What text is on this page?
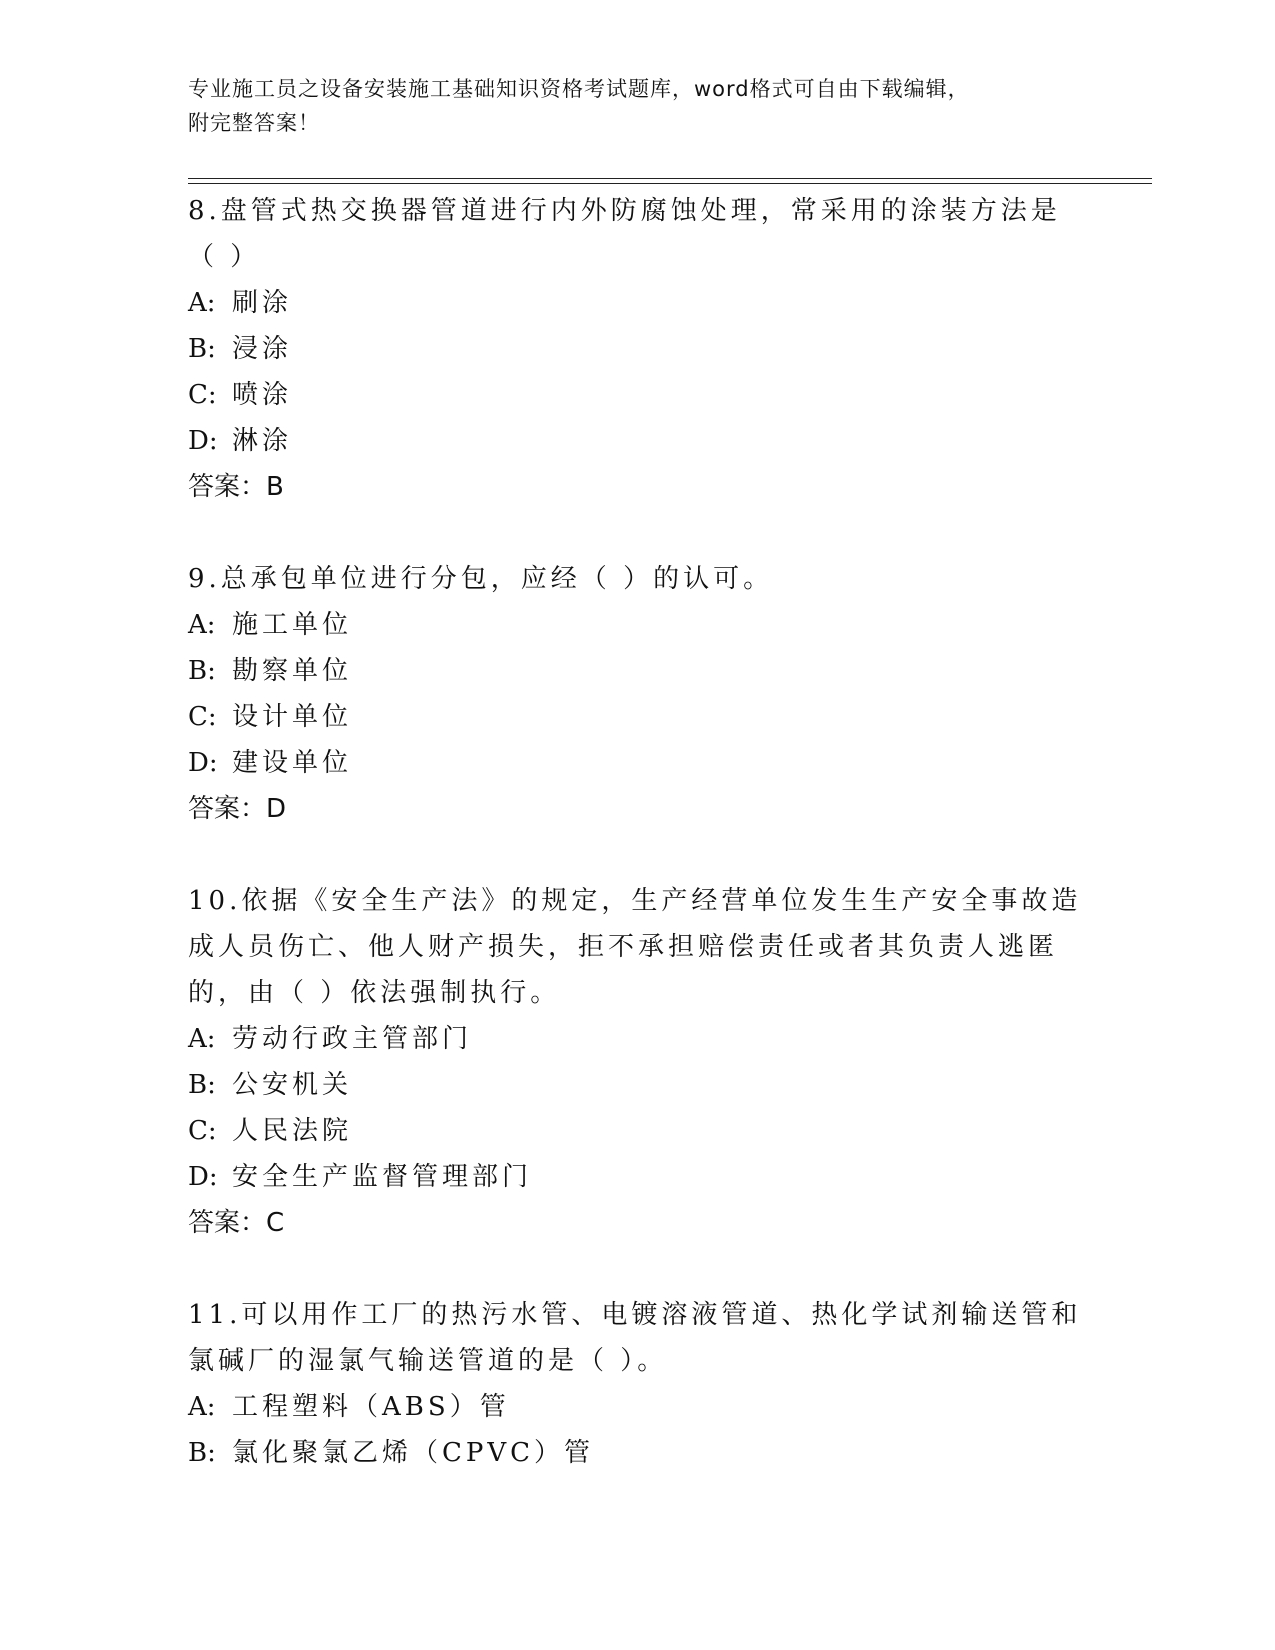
专业施工员之设备安装施工基础知识资格考试题库，word格式可自由下载编辑，
附完整答案！

8.盘管式热交换器管道进行内外防腐蚀处理，常采用的涂装方法是（ ）

A: 刷涂

B: 浸涂

C: 喷涂

D: 淋涂

答案：B

9.总承包单位进行分包，应经（ ）的认可。

A: 施工单位

B: 勘察单位

C: 设计单位

D: 建设单位

答案：D

10.依据《安全生产法》的规定，生产经营单位发生生产安全事故造成人员伤亡、他人财产损失，拒不承担赔偿责任或者其负责人逃匿的，由（ ）依法强制执行。

A: 劳动行政主管部门

B: 公安机关

C: 人民法院

D: 安全生产监督管理部门

答案：C

11.可以用作工厂的热污水管、电镀溶液管道、热化学试剂输送管和氯碱厂的湿氯气输送管道的是（ ）。

A: 工程塑料（ABS）管

B: 氯化聚氯乙烯（CPVC）管
